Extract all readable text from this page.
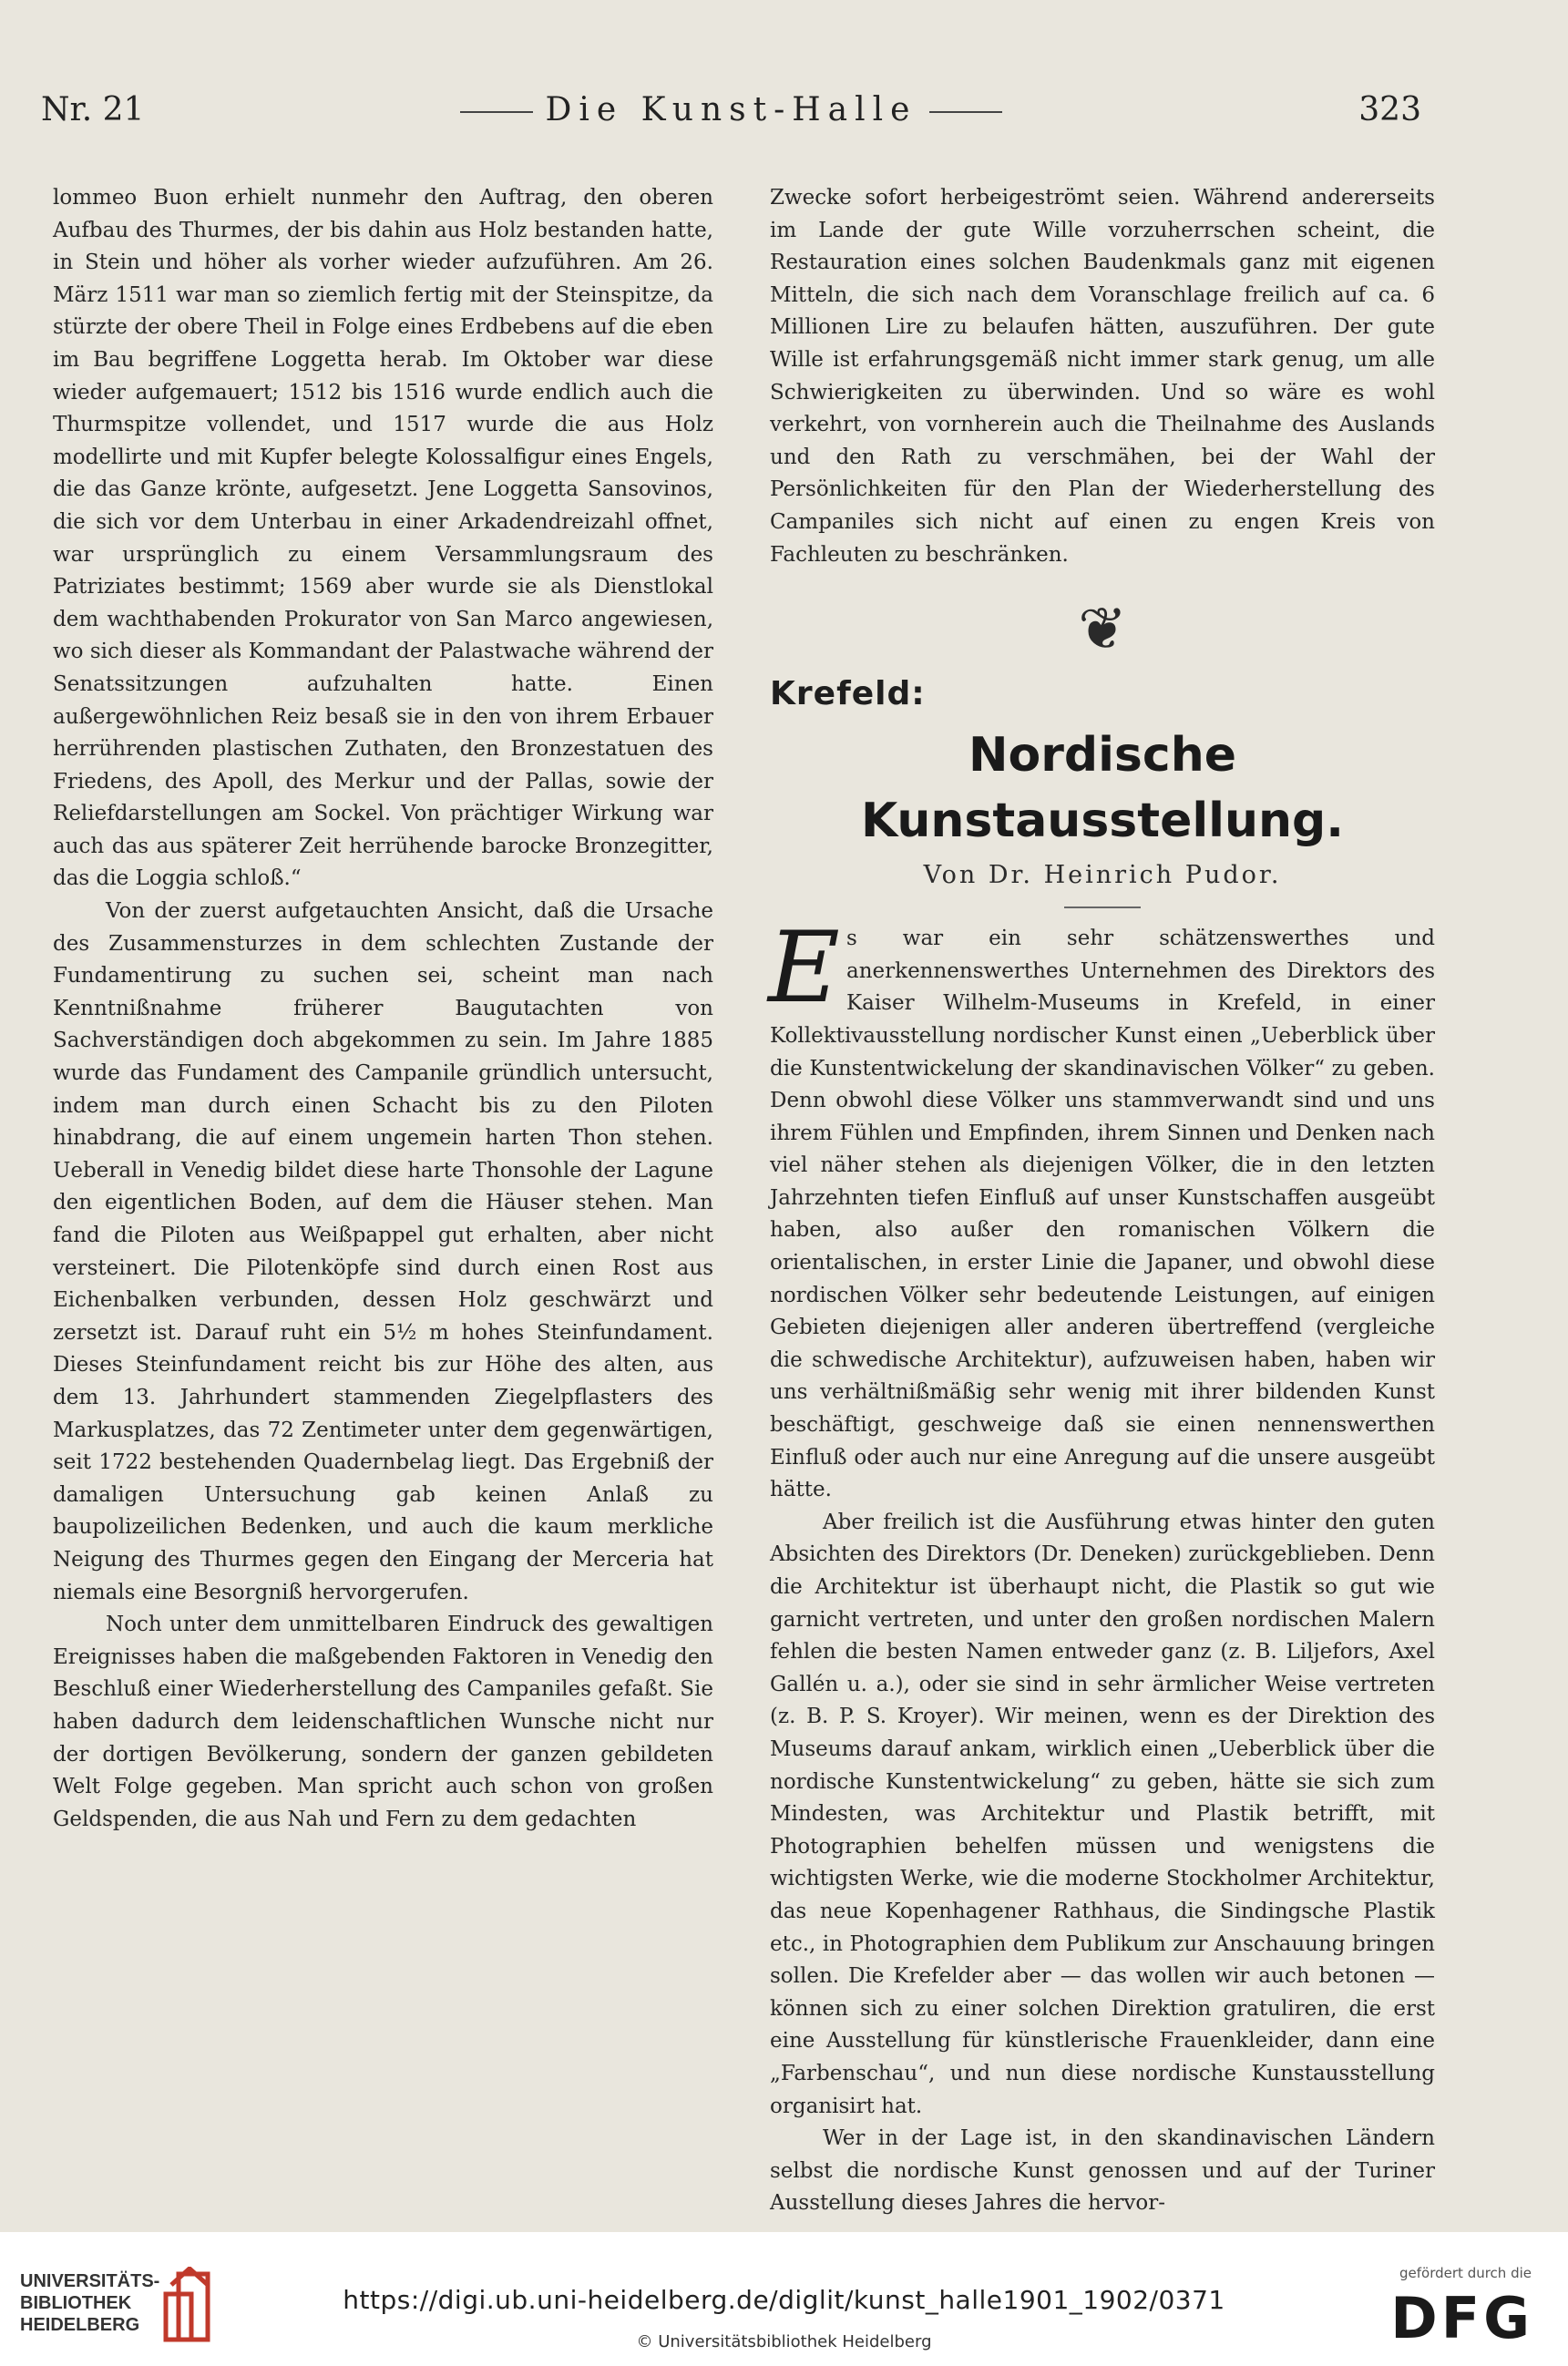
Nr. 21	Die Kunst-Halle	323

lommeo Buon erhielt nunmehr den Auftrag, den oberen Aufbau des Thurmes, der bis dahin aus Holz bestanden hatte, in Stein und höher als vorher wieder aufzuführen. Am 26. März 1511 war man so ziemlich fertig mit der Steinspitze, da stürzte der obere Theil in Folge eines Erdbebens auf die eben im Bau begriffene Loggetta herab. Im Oktober war diese wieder aufgemauert; 1512 bis 1516 wurde endlich auch die Thurmspitze vollendet, und 1517 wurde die aus Holz modellirte und mit Kupfer belegte Kolossalfigur eines Engels, die das Ganze krönte, aufgesetzt. Jene Loggetta Sansovinos, die sich vor dem Unterbau in einer Arkadendreizahl offnet, war ursprünglich zu einem Versammlungsraum des Patriziates bestimmt; 1569 aber wurde sie als Dienstlokal dem wachthabenden Prokurator von San Marco angewiesen, wo sich dieser als Kommandant der Palastwache während der Senatssitzungen aufzuhalten hatte. Einen außergewöhnlichen Reiz besaß sie in den von ihrem Erbauer herrührenden plastischen Zuthaten, den Bronzestatuen des Friedens, des Apoll, des Merkur und der Pallas, sowie der Reliefdarstellungen am Sockel. Von prächtiger Wirkung war auch das aus späterer Zeit herrühende barocke Bronzegitter, das die Loggia schloß.“

Von der zuerst aufgetauchten Ansicht, daß die Ursache des Zusammensturzes in dem schlechten Zustande der Fundamentirung zu suchen sei, scheint man nach Kenntnißnahme früherer Baugutachten von Sachverständigen doch abgekommen zu sein. Im Jahre 1885 wurde das Fundament des Campanile gründlich untersucht, indem man durch einen Schacht bis zu den Piloten hinabdrang, die auf einem ungemein harten Thon stehen. Ueberall in Venedig bildet diese harte Thonsohle der Lagune den eigentlichen Boden, auf dem die Häuser stehen. Man fand die Piloten aus Weißpappel gut erhalten, aber nicht versteinert. Die Pilotenköpfe sind durch einen Rost aus Eichenbalken verbunden, dessen Holz geschwärzt und zersetzt ist. Darauf ruht ein 5½ m hohes Steinfundament. Dieses Steinfundament reicht bis zur Höhe des alten, aus dem 13. Jahrhundert stammenden Ziegelpflasters des Markusplatzes, das 72 Zentimeter unter dem gegenwärtigen, seit 1722 bestehenden Quadernbelag liegt. Das Ergebniß der damaligen Untersuchung gab keinen Anlaß zu baupolizeilichen Bedenken, und auch die kaum merkliche Neigung des Thurmes gegen den Eingang der Merceria hat niemals eine Besorgniß hervorgerufen.

Noch unter dem unmittelbaren Eindruck des gewaltigen Ereignisses haben die maßgebenden Faktoren in Venedig den Beschluß einer Wiederherstellung des Campaniles gefaßt. Sie haben dadurch dem leidenschaftlichen Wunsche nicht nur der dortigen Bevölkerung, sondern der ganzen gebildeten Welt Folge gegeben. Man spricht auch schon von großen Geldspenden, die aus Nah und Fern zu dem gedachten

Zwecke sofort herbeigeströmt seien. Während andererseits im Lande der gute Wille vorzuherrschen scheint, die Restauration eines solchen Baudenkmals ganz mit eigenen Mitteln, die sich nach dem Voranschlage freilich auf ca. 6 Millionen Lire zu belaufen hätten, auszuführen. Der gute Wille ist erfahrungsgemäß nicht immer stark genug, um alle Schwierigkeiten zu überwinden. Und so wäre es wohl verkehrt, von vornherein auch die Theilnahme des Auslands und den Rath zu verschmähen, bei der Wahl der Persönlichkeiten für den Plan der Wiederherstellung des Campaniles sich nicht auf einen zu engen Kreis von Fachleuten zu beschränken.

❦
Krefeld:
Nordische Kunstausstellung.
Von Dr. Heinrich Pudor.

Es war ein sehr schätzenswerthes und anerkennenswerthes Unternehmen des Direktors des Kaiser Wilhelm-Museums in Krefeld, in einer Kollektivausstellung nordischer Kunst einen „Ueberblick über die Kunstentwickelung der skandinavischen Völker“ zu geben. Denn obwohl diese Völker uns stammverwandt sind und uns ihrem Fühlen und Empfinden, ihrem Sinnen und Denken nach viel näher stehen als diejenigen Völker, die in den letzten Jahrzehnten tiefen Einfluß auf unser Kunstschaffen ausgeübt haben, also außer den romanischen Völkern die orientalischen, in erster Linie die Japaner, und obwohl diese nordischen Völker sehr bedeutende Leistungen, auf einigen Gebieten diejenigen aller anderen übertreffend (vergleiche die schwedische Architektur), aufzuweisen haben, haben wir uns verhältnißmäßig sehr wenig mit ihrer bildenden Kunst beschäftigt, geschweige daß sie einen nennenswerthen Einfluß oder auch nur eine Anregung auf die unsere ausgeübt hätte.

Aber freilich ist die Ausführung etwas hinter den guten Absichten des Direktors (Dr. Deneken) zurückgeblieben. Denn die Architektur ist überhaupt nicht, die Plastik so gut wie garnicht vertreten, und unter den großen nordischen Malern fehlen die besten Namen entweder ganz (z. B. Liljefors, Axel Gallén u. a.), oder sie sind in sehr ärmlicher Weise vertreten (z. B. P. S. Kroyer). Wir meinen, wenn es der Direktion des Museums darauf ankam, wirklich einen „Ueberblick über die nordische Kunstentwickelung“ zu geben, hätte sie sich zum Mindesten, was Architektur und Plastik betrifft, mit Photographien behelfen müssen und wenigstens die wichtigsten Werke, wie die moderne Stockholmer Architektur, das neue Kopenhagener Rathhaus, die Sindingsche Plastik etc., in Photographien dem Publikum zur Anschauung bringen sollen. Die Krefelder aber — das wollen wir auch betonen — können sich zu einer solchen Direktion gratuliren, die erst eine Ausstellung für künstlerische Frauenkleider, dann eine „Farbenschau“, und nun diese nordische Kunstausstellung organisirt hat.

Wer in der Lage ist, in den skandinavischen Ländern selbst die nordische Kunst genossen und auf der Turiner Ausstellung dieses Jahres die hervor-

UNIVERSITÄTS-
BIBLIOTHEK
HEIDELBERG
https://digi.ub.uni-heidelberg.de/diglit/kunst_halle1901_1902/0371
© Universitätsbibliothek Heidelberg
gefördert durch die
DFG
